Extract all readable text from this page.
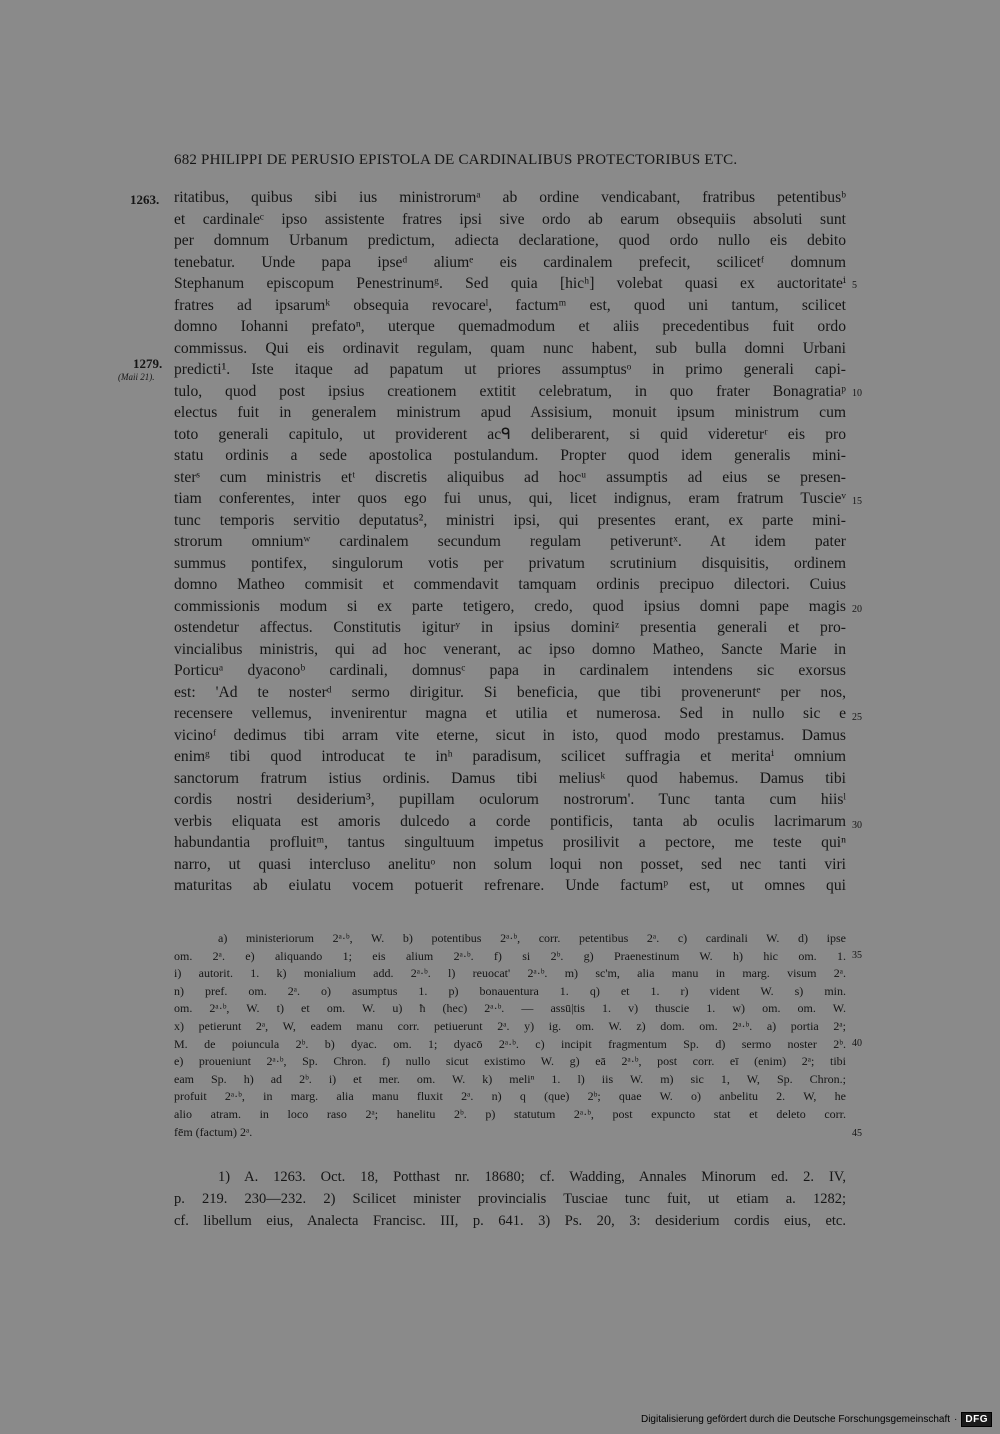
682 PHILIPPI DE PERUSIO EPISTOLA DE CARDINALIBUS PROTECTORIBUS ETC.
1263.
1279.
(Maii 21).
5
10
15
20
25
30
ritatibus, quibus sibi ius ministrorumᵃ ab ordine vendicabant, fratribus petentibusᵇ
et cardinaleᶜ ipso assistente fratres ipsi sive ordo ab earum obsequiis absoluti sunt
per domnum Urbanum predictum, adiecta declaratione, quod ordo nullo eis debito
tenebatur. Unde papa ipseᵈ aliumᵉ eis cardinalem prefecit, scilicetᶠ domnum
Stephanum episcopum Penestrinumᵍ. Sed quia [hicʰ] volebat quasi ex auctoritateⁱ
fratres ad ipsarumᵏ obsequia revocareˡ, factumᵐ est, quod uni tantum, scilicet
domno Iohanni prefatoⁿ, uterque quemadmodum et aliis precedentibus fuit ordo
commissus. Qui eis ordinavit regulam, quam nunc habent, sub bulla domni Urbani
predicti¹. Iste itaque ad papatum ut priores assumptusᵒ in primo generali capi-
tulo, quod post ipsius creationem extitit celebratum, in quo frater Bonagratiaᵖ
electus fuit in generalem ministrum apud Assisium, monuit ipsum ministrum cum
toto generali capitulo, ut providerent acᑫ deliberarent, si quid videreturʳ eis pro
statu ordinis a sede apostolica postulandum. Propter quod idem generalis mini-
sterˢ cum ministris etᵗ discretis aliquibus ad hocᵘ assumptis ad eius se presen-
tiam conferentes, inter quos ego fui unus, qui, licet indignus, eram fratrum Tuscieᵛ
tunc temporis servitio deputatus², ministri ipsi, qui presentes erant, ex parte mini-
strorum omniumʷ cardinalem secundum regulam petiveruntˣ. At idem pater
summus pontifex, singulorum votis per privatum scrutinium disquisitis, ordinem
domno Matheo commisit et commendavit tamquam ordinis precipuo dilectori. Cuius
commissionis modum si ex parte tetigero, credo, quod ipsius domni pape magis
ostendetur affectus. Constitutis igiturʸ in ipsius dominiᶻ presentia generali et pro-
vincialibus ministris, qui ad hoc venerant, ac ipso domno Matheo, Sancte Marie in
Porticuᵃ dyaconoᵇ cardinali, domnusᶜ papa in cardinalem intendens sic exorsus
est: 'Ad te nosterᵈ sermo dirigitur. Si beneficia, que tibi proveneruntᵉ per nos,
recensere vellemus, invenirentur magna et utilia et numerosa. Sed in nullo sic e
vicinoᶠ dedimus tibi arram vite eterne, sicut in isto, quod modo prestamus. Damus
enimᵍ tibi quod introducat te inʰ paradisum, scilicet suffragia et meritaⁱ omnium
sanctorum fratrum istius ordinis. Damus tibi meliusᵏ quod habemus. Damus tibi
cordis nostri desiderium³, pupillam oculorum nostrorum'. Tunc tanta cum hiisˡ
verbis eliquata est amoris dulcedo a corde pontificis, tanta ab oculis lacrimarum
habundantia profluitᵐ, tantus singultuum impetus prosilivit a pectore, me teste quiⁿ
narro, ut quasi intercluso anelituᵒ non solum loqui non posset, sed nec tanti viri
maturitas ab eiulatu vocem potuerit refrenare. Unde factumᵖ est, ut omnes qui
35
40
45
a) ministeriorum 2ᵃ·ᵇ, W. b) potentibus 2ᵃ·ᵇ, corr. petentibus 2ᵃ. c) cardinali W. d) ipse
om. 2ᵃ. e) aliquando 1; eis alium 2ᵃ·ᵇ. f) si 2ᵇ. g) Praenestinum W. h) hic om. 1.
i) autorit. 1. k) monialium add. 2ᵃ·ᵇ. l) reuocat' 2ᵃ·ᵇ. m) sc'm, alia manu in marg. visum 2ᵃ.
n) pref. om. 2ᵃ. o) asumptus 1. p) bonauentura 1. q) et 1. r) vident W. s) min.
om. 2ᵃ·ᵇ, W. t) et om. W. u) ħ (hec) 2ᵃ·ᵇ. — assū|tis 1. v) thuscie 1. w) om. om. W.
x) petierunt 2ᵃ, W, eadem manu corr. petiuerunt 2ᵃ. y) ig. om. W. z) dom. om. 2ᵃ·ᵇ. a) portia 2ᵃ;
M. de poiuncula 2ᵇ. b) dyac. om. 1; dyacō 2ᵃ·ᵇ. c) incipit fragmentum Sp. d) sermo noster 2ᵇ.
e) proueniunt 2ᵃ·ᵇ, Sp. Chron. f) nullo sicut existimo W. g) eā 2ᵃ·ᵇ, post corr. eī (enim) 2ᵃ; tibi
eam Sp. h) ad 2ᵇ. i) et mer. om. W. k) meliⁿ 1. l) iis W. m) sic 1, W, Sp. Chron.;
profuit 2ᵃ·ᵇ, in marg. alia manu fluxit 2ᵃ. n) q (que) 2ᵇ; quae W. o) anbelitu 2. W, he
alio atram. in loco raso 2ᵃ; hanelitu 2ᵇ. p) statutum 2ᵃ·ᵇ, post expuncto stat et deleto corr.
fēm (factum) 2ᵃ.
1) A. 1263. Oct. 18, Potthast nr. 18680; cf. Wadding, Annales Minorum ed. 2. IV,
p. 219. 230—232. 2) Scilicet minister provincialis Tusciae tunc fuit, ut etiam a. 1282;
cf. libellum eius, Analecta Francisc. III, p. 641. 3) Ps. 20, 3: desiderium cordis eius, etc.
Digitalisierung gefördert durch die Deutsche Forschungsgemeinschaft · DFG
